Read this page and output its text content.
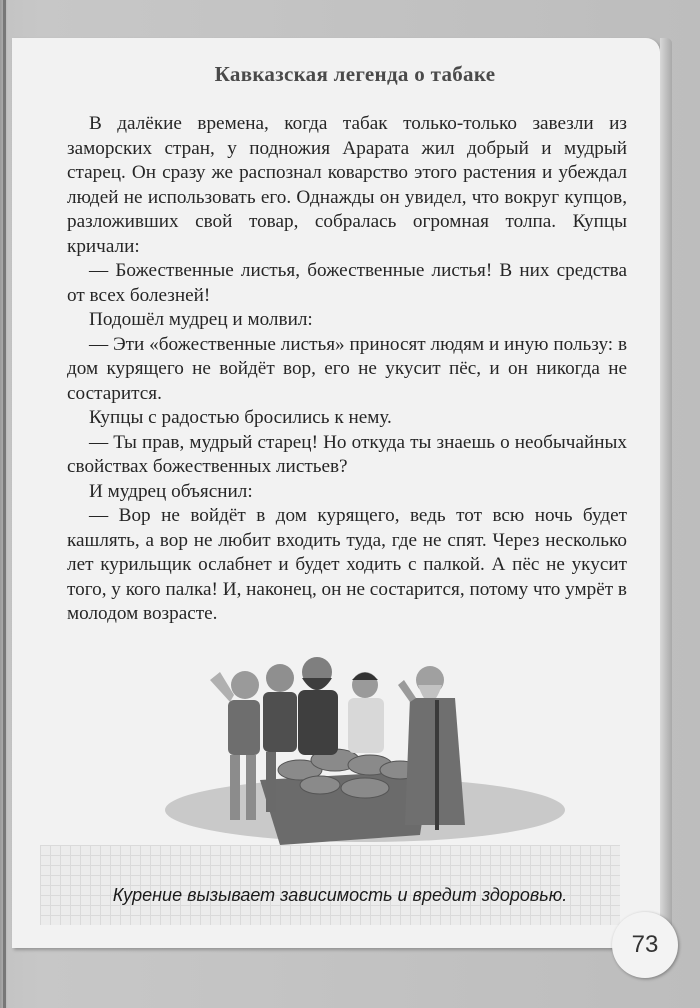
Кавказская легенда о табаке

В далёкие времена, когда табак только-только завезли из заморских стран, у подножия Арарата жил добрый и мудрый старец. Он сразу же распознал коварство этого растения и убеждал людей не использовать его. Однажды он увидел, что вокруг купцов, разложивших свой товар, собралась огромная толпа. Купцы кричали:

— Божественные листья, божественные листья! В них средства от всех болезней!

Подошёл мудрец и молвил:

— Эти «божественные листья» приносят людям и иную пользу: в дом курящего не войдёт вор, его не укусит пёс, и он никогда не состарится.

Купцы с радостью бросились к нему.

— Ты прав, мудрый старец! Но откуда ты знаешь о необычайных свойствах божественных листьев?

И мудрец объяснил:

— Вор не войдёт в дом курящего, ведь тот всю ночь будет кашлять, а вор не любит входить туда, где не спят. Через несколько лет курильщик ослабнет и будет ходить с палкой. А пёс не укусит того, у кого палка! И, наконец, он не состарится, потому что умрёт в молодом возрасте.

Курение вызывает зависимость и вредит здоровью.
73
